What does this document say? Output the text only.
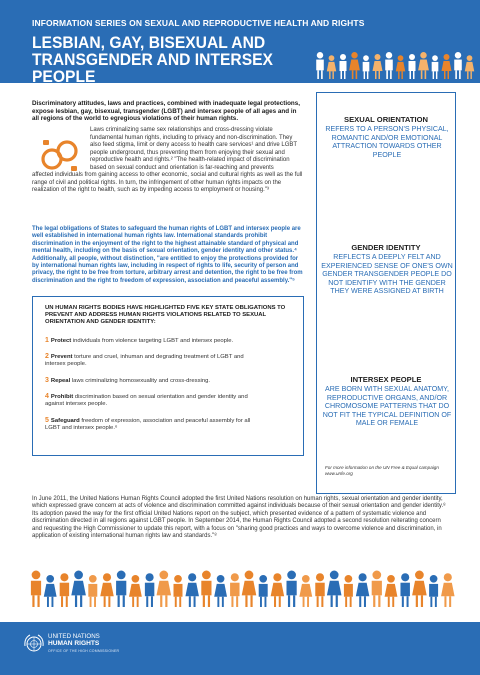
INFORMATION SERIES ON SEXUAL AND REPRODUCTIVE HEALTH AND RIGHTS
LESBIAN, GAY, BISEXUAL AND TRANSGENDER AND INTERSEX PEOPLE
Discriminatory attitudes, laws and practices, combined with inadequate legal protections, expose lesbian, gay, bisexual, transgender (LGBT) and intersex people of all ages and in all regions of the world to egregious violations of their human rights.
Laws criminalizing same sex relationships and cross-dressing violate fundamental human rights, including to privacy and non-discrimination. They also feed stigma, limit or deny access to health care services¹ and drive LGBT people underground, thus preventing them from enjoying their sexual and reproductive health and rights.² "The health-related impact of discrimination based on sexual conduct and orientation is far-reaching and prevents
affected individuals from gaining access to other economic, social and cultural rights as well as the full range of civil and political rights. In turn, the infringement of other human rights impacts on the realization of the right to health, such as by impeding access to employment or housing."³
The legal obligations of States to safeguard the human rights of LGBT and intersex people are well established in international human rights law. International standards prohibit discrimination in the enjoyment of the right to the highest attainable standard of physical and mental health, including on the basis of sexual orientation, gender identity and other status.⁴ Additionally, all people, without distinction, "are entitled to enjoy the protections provided for by international human rights law, including in respect of rights to life, security of person and privacy, the right to be free from torture, arbitrary arrest and detention, the right to be free from discrimination and the right to freedom of expression, association and peaceful assembly."⁵
UN HUMAN RIGHTS BODIES HAVE HIGHLIGHTED FIVE KEY STATE OBLIGATIONS TO PREVENT AND ADDRESS HUMAN RIGHTS VIOLATIONS RELATED TO SEXUAL ORIENTATION AND GENDER IDENTITY:
1 Protect individuals from violence targeting LGBT and intersex people.
2 Prevent torture and cruel, inhuman and degrading treatment of LGBT and intersex people.
3 Repeal laws criminalizing homosexuality and cross-dressing.
4 Prohibit discrimination based on sexual orientation and gender identity and against intersex people.
5 Safeguard freedom of expression, association and peaceful assembly for all LGBT and intersex people.⁶
SEXUAL ORIENTATION
REFERS TO A PERSON'S PHYSICAL, ROMANTIC AND/OR EMOTIONAL ATTRACTION TOWARDS OTHER PEOPLE
GENDER IDENTITY
REFLECTS A DEEPLY FELT AND EXPERIENCED SENSE OF ONE'S OWN GENDER TRANSGENDER PEOPLE DO NOT IDENTIFY WITH THE GENDER THEY WERE ASSIGNED AT BIRTH
INTERSEX PEOPLE
ARE BORN WITH SEXUAL ANATOMY, REPRODUCTIVE ORGANS, AND/OR CHROMOSOME PATTERNS THAT DO NOT FIT THE TYPICAL DEFINITION OF MALE OR FEMALE
For more information on the UN Free & Equal campaign www.unfe.org
In June 2011, the United Nations Human Rights Council adopted the first United Nations resolution on human rights, sexual orientation and gender identity, which expressed grave concern at acts of violence and discrimination committed against individuals because of their sexual orientation and gender identity.⁸ Its adoption paved the way for the first official United Nations report on the subject, which presented evidence of a pattern of systematic violence and discrimination directed in all regions against LGBT people. In September 2014, the Human Rights Council adopted a second resolution reiterating concern and requesting the High Commissioner to update this report, with a focus on "sharing good practices and ways to overcome violence and discrimination, in application of existing international human rights law and standards."⁸
UNITED NATIONS
HUMAN RIGHTS
OFFICE OF THE HIGH COMMISSIONER
